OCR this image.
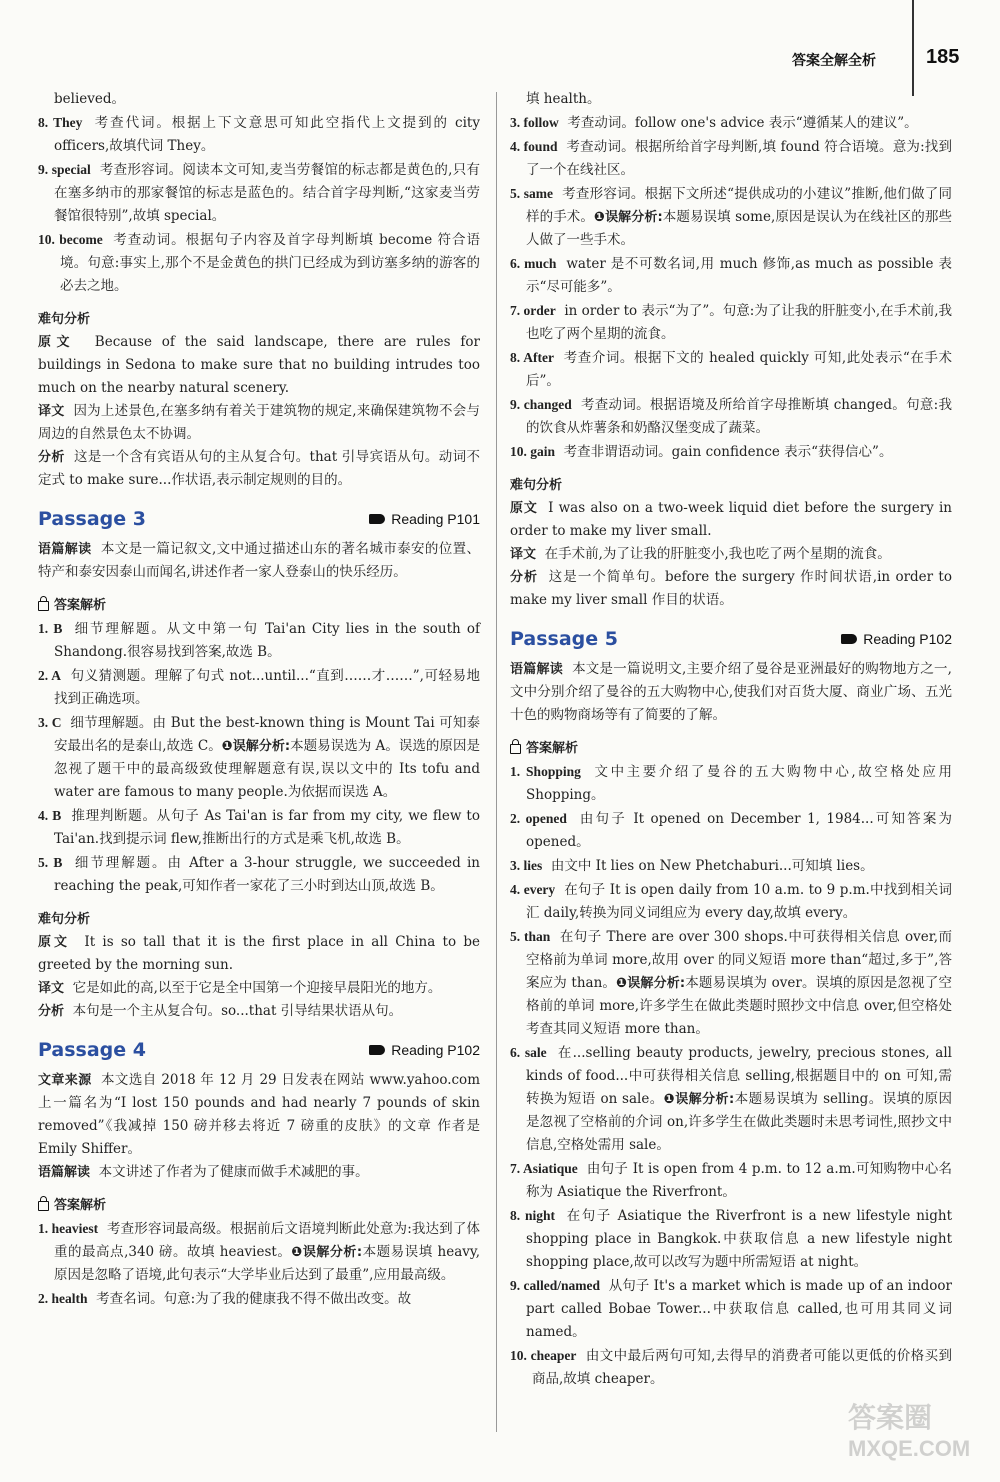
答案全解全析	185

believed。

8. They 考查代词。根据上下文意思可知此空指代上文提到的 city officers,故填代词 They。

9. special 考查形容词。阅读本文可知,麦当劳餐馆的标志都是黄色的,只有在塞多纳市的那家餐馆的标志是蓝色的。结合首字母判断,“这家麦当劳餐馆很特别”,故填 special。

10. become 考查动词。根据句子内容及首字母判断填 become 符合语境。句意:事实上,那个不是金黄色的拱门已经成为到访塞多纳的游客的必去之地。

难句分析

原文 Because of the said landscape, there are rules for buildings in Sedona to make sure that no building intrudes too much on the nearby natural scenery.

译文 因为上述景色,在塞多纳有着关于建筑物的规定,来确保建筑物不会与周边的自然景色太不协调。

分析 这是一个含有宾语从句的主从复合句。that 引导宾语从句。动词不定式 to make sure...作状语,表示制定规则的目的。

Passage 3	Reading P101

语篇解读 本文是一篇记叙文,文中通过描述山东的著名城市泰安的位置、特产和泰安因泰山而闻名,讲述作者一家人登泰山的快乐经历。

答案解析

1. B 细节理解题。从文中第一句 Tai'an City lies in the south of Shandong.很容易找到答案,故选 B。

2. A 句义猜测题。理解了句式 not...until...“直到……才……”,可轻易地找到正确选项。

3. C 细节理解题。由 But the best-known thing is Mount Tai 可知泰安最出名的是泰山,故选 C。❶误解分析:本题易误选为 A。误选的原因是忽视了题干中的最高级致使理解题意有误,误以文中的 Its tofu and water are famous to many people.为依据而误选 A。

4. B 推理判断题。从句子 As Tai'an is far from my city, we flew to Tai'an.找到提示词 flew,推断出行的方式是乘飞机,故选 B。

5. B 细节理解题。由 After a 3-hour struggle, we succeeded in reaching the peak,可知作者一家花了三小时到达山顶,故选 B。

难句分析

原文 It is so tall that it is the first place in all China to be greeted by the morning sun.

译文 它是如此的高,以至于它是全中国第一个迎接早晨阳光的地方。

分析 本句是一个主从复合句。so...that 引导结果状语从句。

Passage 4	Reading P102

文章来源 本文选自 2018 年 12 月 29 日发表在网站 www.yahoo.com 上一篇名为“I lost 150 pounds and had nearly 7 pounds of skin removed”《我减掉 150 磅并移去将近 7 磅重的皮肤》的文章 作者是 Emily Shiffer。

语篇解读 本文讲述了作者为了健康而做手术减肥的事。

答案解析

1. heaviest 考查形容词最高级。根据前后文语境判断此处意为:我达到了体重的最高点,340 磅。故填 heaviest。❶误解分析:本题易误填 heavy,原因是忽略了语境,此句表示“大学毕业后达到了最重”,应用最高级。

2. health 考查名词。句意:为了我的健康我不得不做出改变。故

填 health。

3. follow 考查动词。follow one's advice 表示“遵循某人的建议”。

4. found 考查动词。根据所给首字母判断,填 found 符合语境。意为:找到了一个在线社区。

5. same 考查形容词。根据下文所述“提供成功的小建议”推断,他们做了同样的手术。❶误解分析:本题易误填 some,原因是误认为在线社区的那些人做了一些手术。

6. much water 是不可数名词,用 much 修饰,as much as possible 表示“尽可能多”。

7. order in order to 表示“为了”。句意:为了让我的肝脏变小,在手术前,我也吃了两个星期的流食。

8. After 考查介词。根据下文的 healed quickly 可知,此处表示“在手术后”。

9. changed 考查动词。根据语境及所给首字母推断填 changed。句意:我的饮食从炸薯条和奶酪汉堡变成了蔬菜。

10. gain 考查非谓语动词。gain confidence 表示“获得信心”。

难句分析

原文 I was also on a two-week liquid diet before the surgery in order to make my liver small.

译文 在手术前,为了让我的肝脏变小,我也吃了两个星期的流食。

分析 这是一个简单句。before the surgery 作时间状语,in order to make my liver small 作目的状语。

Passage 5	Reading P102

语篇解读 本文是一篇说明文,主要介绍了曼谷是亚洲最好的购物地方之一,文中分别介绍了曼谷的五大购物中心,使我们对百货大厦、商业广场、五光十色的购物商场等有了简要的了解。

答案解析

1. Shopping 文中主要介绍了曼谷的五大购物中心,故空格处应用 Shopping。

2. opened 由句子 It opened on December 1, 1984...可知答案为 opened。

3. lies 由文中 It lies on New Phetchaburi...可知填 lies。

4. every 在句子 It is open daily from 10 a.m. to 9 p.m.中找到相关词汇 daily,转换为同义词组应为 every day,故填 every。

5. than 在句子 There are over 300 shops.中可获得相关信息 over,而空格前为单词 more,故用 over 的同义短语 more than“超过,多于”,答案应为 than。❶误解分析:本题易误填为 over。误填的原因是忽视了空格前的单词 more,许多学生在做此类题时照抄文中信息 over,但空格处考查其同义短语 more than。

6. sale 在...selling beauty products, jewelry, precious stones, all kinds of food...中可获得相关信息 selling,根据题目中的 on 可知,需转换为短语 on sale。❶误解分析:本题易误填为 selling。误填的原因是忽视了空格前的介词 on,许多学生在做此类题时未思考词性,照抄文中信息,空格处需用 sale。

7. Asiatique 由句子 It is open from 4 p.m. to 12 a.m.可知购物中心名称为 Asiatique the Riverfront。

8. night 在句子 Asiatique the Riverfront is a new lifestyle night shopping place in Bangkok.中获取信息 a new lifestyle night shopping place,故可以改写为题中所需短语 at night。

9. called/named 从句子 It's a market which is made up of an indoor part called Bobae Tower...中获取信息 called,也可用其同义词 named。

10. cheaper 由文中最后两句可知,去得早的消费者可能以更低的价格买到商品,故填 cheaper。

答案圈
MXQE.COM
